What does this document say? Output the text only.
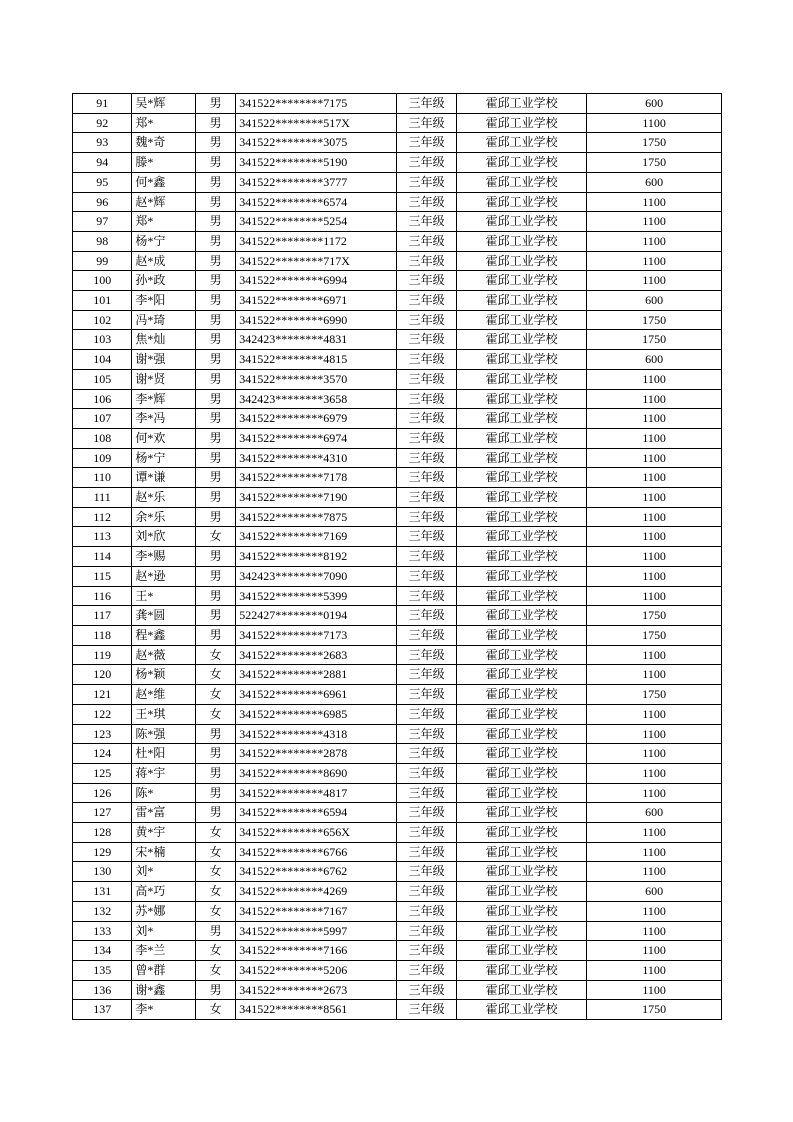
91	吴*辉	男	341522********7175	三年级	霍邱工业学校	600
92	郑*	男	341522********517X	三年级	霍邱工业学校	1100
93	魏*奇	男	341522********3075	三年级	霍邱工业学校	1750
94	滕*	男	341522********5190	三年级	霍邱工业学校	1750
95	何*鑫	男	341522********3777	三年级	霍邱工业学校	600
96	赵*辉	男	341522********6574	三年级	霍邱工业学校	1100
97	郑*	男	341522********5254	三年级	霍邱工业学校	1100
98	杨*宁	男	341522********1172	三年级	霍邱工业学校	1100
99	赵*成	男	341522********717X	三年级	霍邱工业学校	1100
100	孙*政	男	341522********6994	三年级	霍邱工业学校	1100
101	李*阳	男	341522********6971	三年级	霍邱工业学校	600
102	冯*琦	男	341522********6990	三年级	霍邱工业学校	1750
103	焦*灿	男	342423********4831	三年级	霍邱工业学校	1750
104	谢*强	男	341522********4815	三年级	霍邱工业学校	600
105	谢*贤	男	341522********3570	三年级	霍邱工业学校	1100
106	李*辉	男	342423********3658	三年级	霍邱工业学校	1100
107	李*冯	男	341522********6979	三年级	霍邱工业学校	1100
108	何*欢	男	341522********6974	三年级	霍邱工业学校	1100
109	杨*宁	男	341522********4310	三年级	霍邱工业学校	1100
110	谭*谦	男	341522********7178	三年级	霍邱工业学校	1100
111	赵*乐	男	341522********7190	三年级	霍邱工业学校	1100
112	余*乐	男	341522********7875	三年级	霍邱工业学校	1100
113	刘*欣	女	341522********7169	三年级	霍邱工业学校	1100
114	李*赐	男	341522********8192	三年级	霍邱工业学校	1100
115	赵*逊	男	342423********7090	三年级	霍邱工业学校	1100
116	王*	男	341522********5399	三年级	霍邱工业学校	1100
117	龚*圆	男	522427********0194	三年级	霍邱工业学校	1750
118	程*鑫	男	341522********7173	三年级	霍邱工业学校	1750
119	赵*薇	女	341522********2683	三年级	霍邱工业学校	1100
120	杨*颖	女	341522********2881	三年级	霍邱工业学校	1100
121	赵*维	女	341522********6961	三年级	霍邱工业学校	1750
122	王*琪	女	341522********6985	三年级	霍邱工业学校	1100
123	陈*强	男	341522********4318	三年级	霍邱工业学校	1100
124	杜*阳	男	341522********2878	三年级	霍邱工业学校	1100
125	蒋*宇	男	341522********8690	三年级	霍邱工业学校	1100
126	陈*	男	341522********4817	三年级	霍邱工业学校	1100
127	雷*富	男	341522********6594	三年级	霍邱工业学校	600
128	黄*宇	女	341522********656X	三年级	霍邱工业学校	1100
129	宋*楠	女	341522********6766	三年级	霍邱工业学校	1100
130	刘*	女	341522********6762	三年级	霍邱工业学校	1100
131	高*巧	女	341522********4269	三年级	霍邱工业学校	600
132	苏*娜	女	341522********7167	三年级	霍邱工业学校	1100
133	刘*	男	341522********5997	三年级	霍邱工业学校	1100
134	李*兰	女	341522********7166	三年级	霍邱工业学校	1100
135	曾*群	女	341522********5206	三年级	霍邱工业学校	1100
136	谢*鑫	男	341522********2673	三年级	霍邱工业学校	1100
137	李*	女	341522********8561	三年级	霍邱工业学校	1750
